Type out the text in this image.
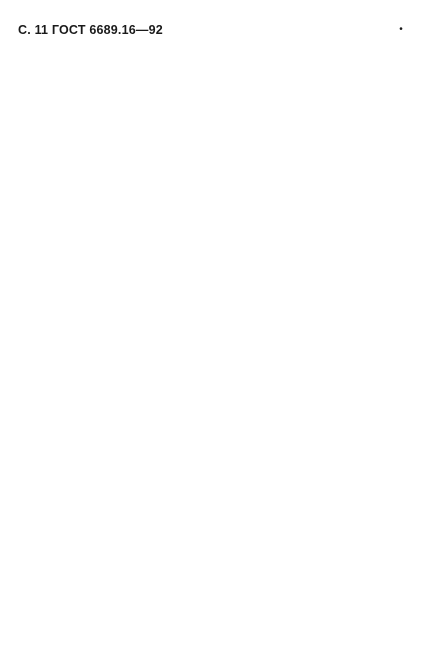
С. 11 ГОСТ 6689.16—92	•
